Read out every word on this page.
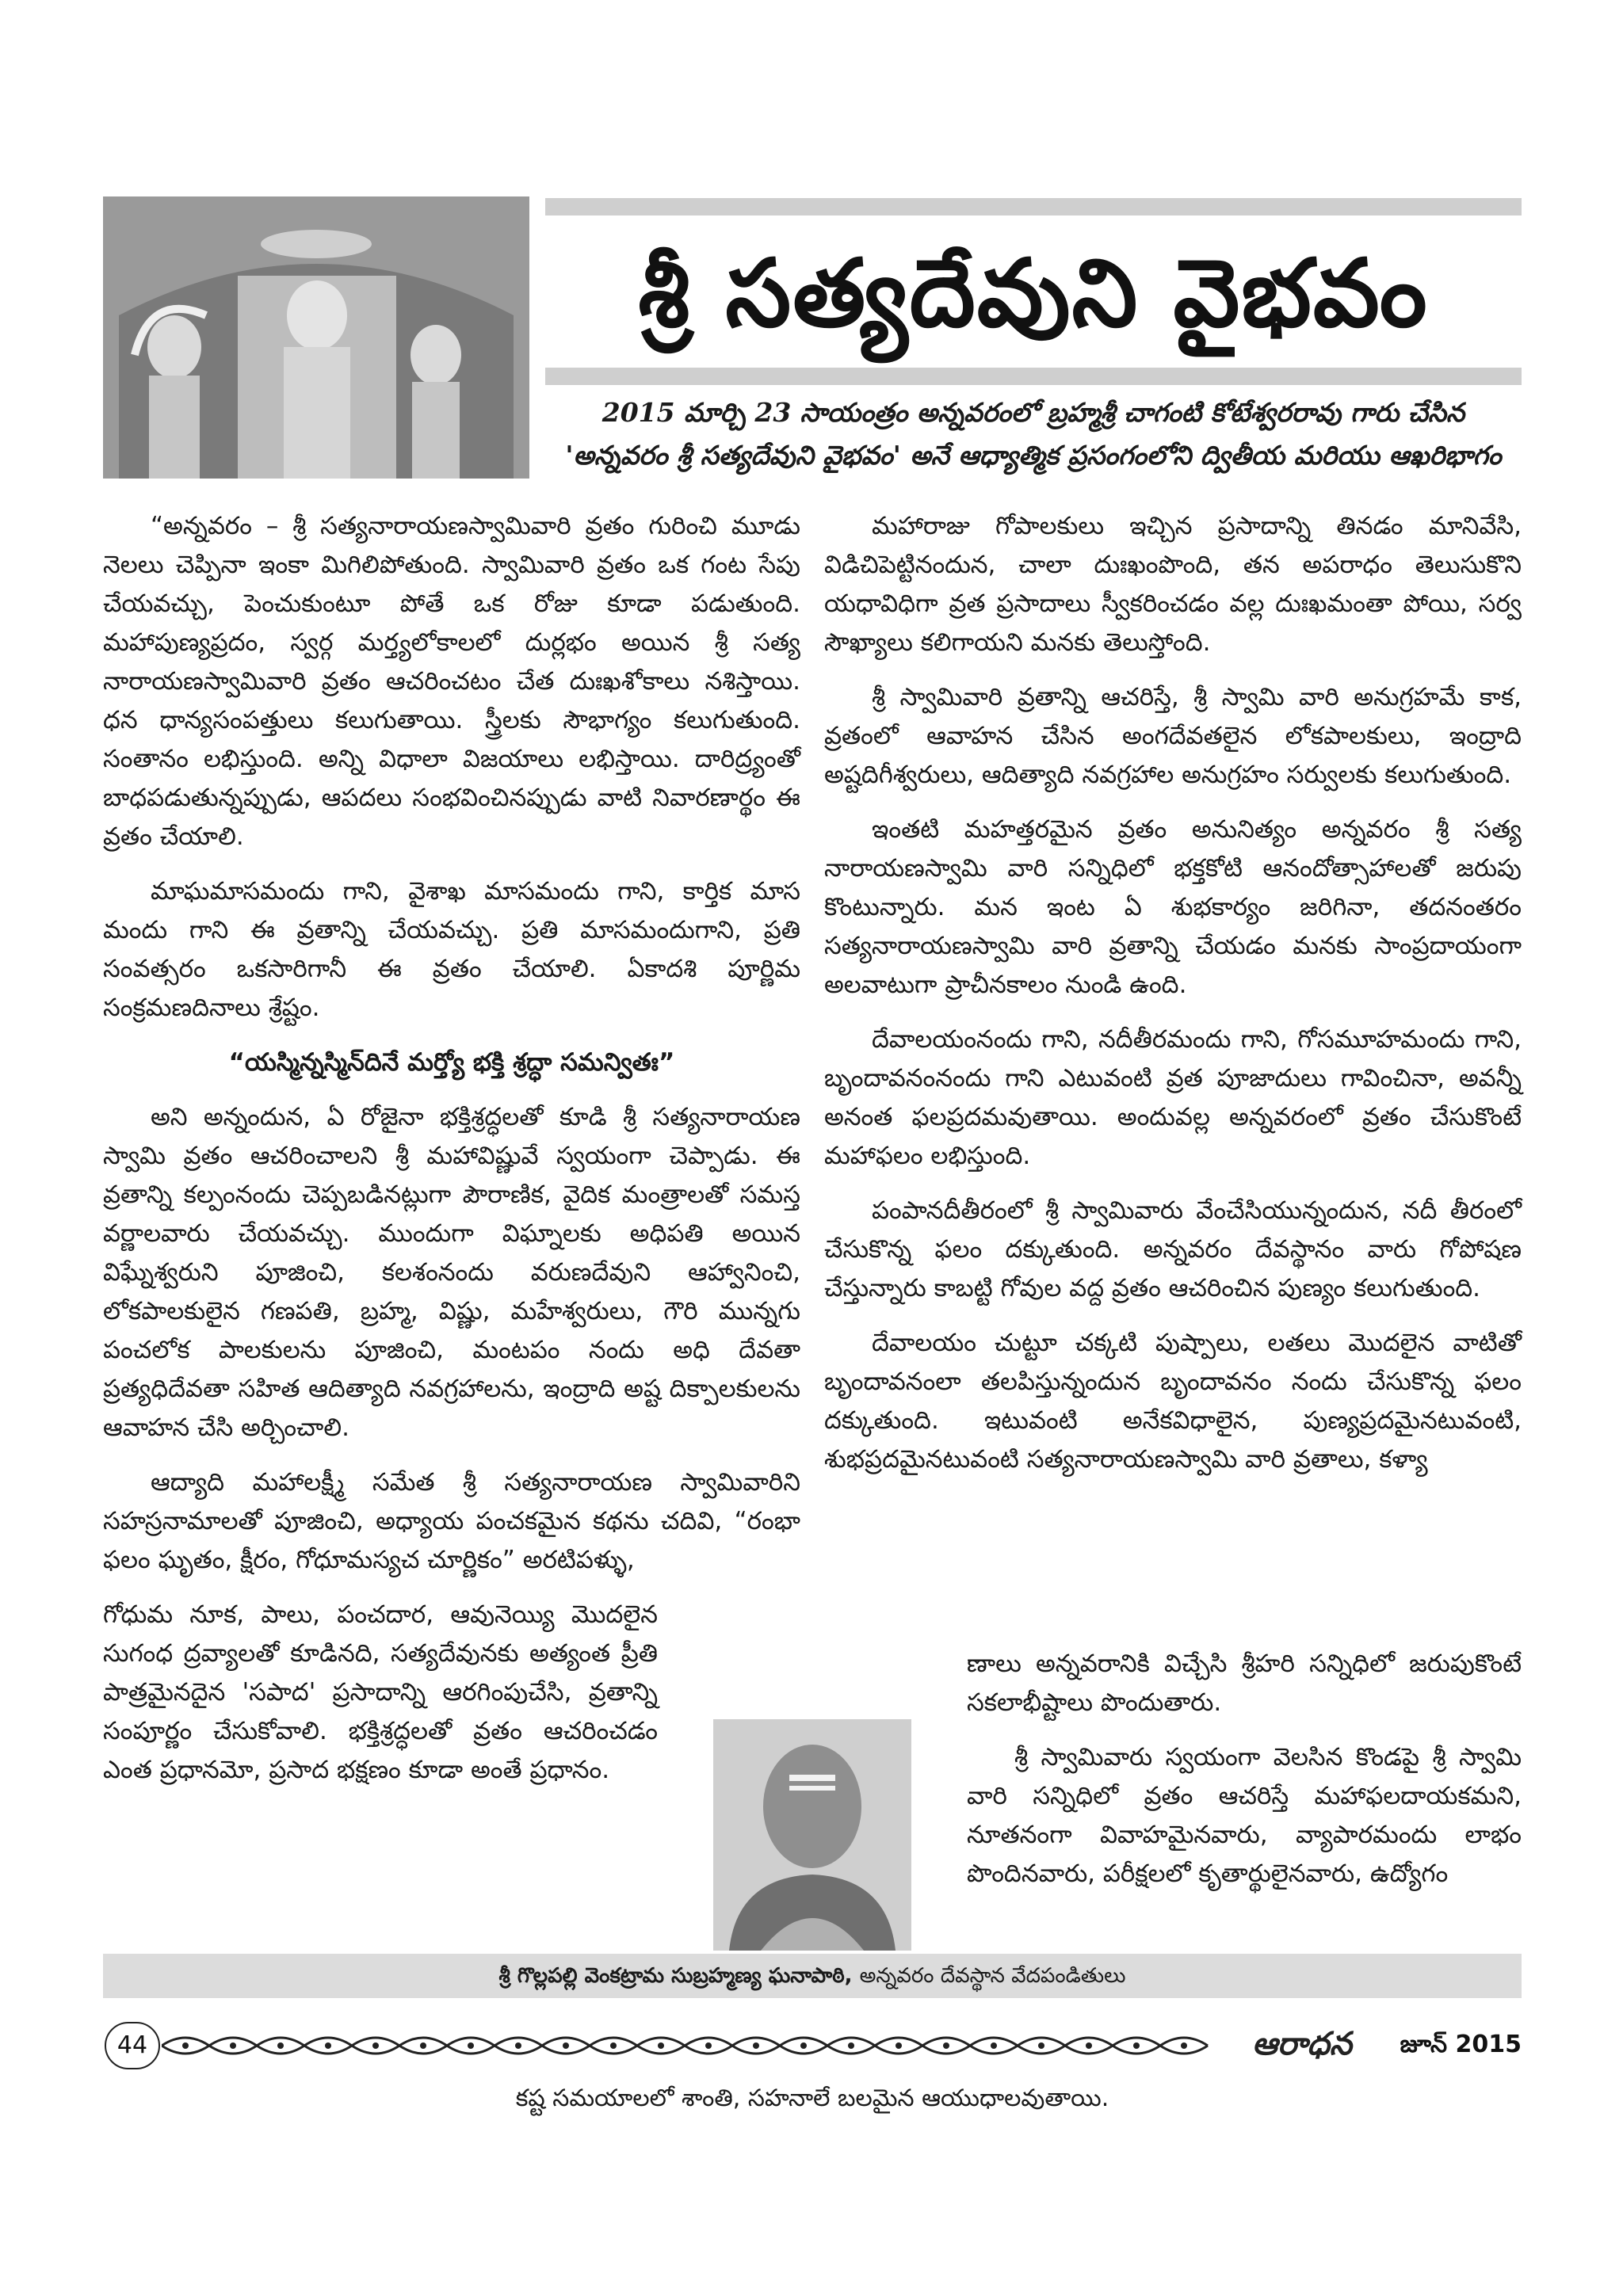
శ్రీ సత్యదేవుని వైభవం
2015 మార్చి 23 సాయంత్రం అన్నవరంలో బ్రహ్మశ్రీ చాగంటి కోటేశ్వరరావు గారు చేసిన
'అన్నవరం శ్రీ సత్యదేవుని వైభవం' అనే ఆధ్యాత్మిక ప్రసంగంలోని ద్వితీయ మరియు ఆఖరిభాగం

“అన్నవరం – శ్రీ సత్యనారాయణస్వామివారి వ్రతం గురించి మూడు నెలలు చెప్పినా ఇంకా మిగిలిపోతుంది. స్వామివారి వ్రతం ఒక గంట సేపు చేయవచ్చు, పెంచుకుంటూ పోతే ఒక రోజు కూడా పడుతుంది. మహాపుణ్యప్రదం, స్వర్గ మర్త్యలోకాలలో దుర్లభం అయిన శ్రీ సత్య నారాయణస్వామివారి వ్రతం ఆచరించటం చేత దుఃఖశోకాలు నశిస్తాయి. ధన ధాన్యసంపత్తులు కలుగుతాయి. స్త్రీలకు సౌభాగ్యం కలుగుతుంది. సంతానం లభిస్తుంది. అన్ని విధాలా విజయాలు లభిస్తాయి. దారిద్ర్యంతో బాధపడుతున్నప్పుడు, ఆపదలు సంభవించినప్పుడు వాటి నివారణార్థం ఈ వ్రతం చేయాలి.

మాఘమాసమందు గాని, వైశాఖ మాసమందు గాని, కార్తిక మాస మందు గాని ఈ వ్రతాన్ని చేయవచ్చు. ప్రతి మాసమందుగాని, ప్రతి సంవత్సరం ఒకసారిగానీ ఈ వ్రతం చేయాలి. ఏకాదశి పూర్ణిమ సంక్రమణదినాలు శ్రేష్టం.

“యస్మిన్నస్మిన్‌దినే మర్త్యో భక్తి శ్రద్ధా సమన్వితః”

అని అన్నందున, ఏ రోజైనా భక్తిశ్రద్ధలతో కూడి శ్రీ సత్యనారాయణ స్వామి వ్రతం ఆచరించాలని శ్రీ మహావిష్ణువే స్వయంగా చెప్పాడు. ఈ వ్రతాన్ని కల్పంనందు చెప్పబడినట్లుగా పౌరాణిక, వైదిక మంత్రాలతో సమస్త వర్ణాలవారు చేయవచ్చు. ముందుగా విఘ్నాలకు అధిపతి అయిన విఘ్నేశ్వరుని పూజించి, కలశంనందు వరుణదేవుని ఆహ్వానించి, లోకపాలకులైన గణపతి, బ్రహ్మ, విష్ణు, మహేశ్వరులు, గౌరి మున్నగు పంచలోక పాలకులను పూజించి, మంటపం నందు అధి దేవతా ప్రత్యధిదేవతా సహిత ఆదిత్యాది నవగ్రహాలను, ఇంద్రాది అష్ట దిక్పాలకులను ఆవాహన చేసి అర్చించాలి.

ఆద్యాది మహాలక్ష్మీ సమేత శ్రీ సత్యనారాయణ స్వామివారిని సహస్రనామాలతో పూజించి, అధ్యాయ పంచకమైన కథను చదివి, “రంభా ఫలం ఘృతం, క్షీరం, గోధూమస్యచ చూర్ణికం” అరటిపళ్ళు,

గోధుమ నూక, పాలు, పంచదార, ఆవునెయ్యి మొదలైన సుగంధ ద్రవ్యాలతో కూడినది, సత్యదేవునకు అత్యంత ప్రీతి పాత్రమైనదైన 'సపాద' ప్రసాదాన్ని ఆరగింపుచేసి, వ్రతాన్ని సంపూర్ణం చేసుకోవాలి. భక్తిశ్రద్ధలతో వ్రతం ఆచరించడం ఎంత ప్రధానమో, ప్రసాద భక్షణం కూడా అంతే ప్రధానం.

మహారాజు గోపాలకులు ఇచ్చిన ప్రసాదాన్ని తినడం మానివేసి, విడిచిపెట్టినందున, చాలా దుఃఖంపొంది, తన అపరాధం తెలుసుకొని యధావిధిగా వ్రత ప్రసాదాలు స్వీకరించడం వల్ల దుఃఖమంతా పోయి, సర్వ సౌఖ్యాలు కలిగాయని మనకు తెలుస్తోంది.

శ్రీ స్వామివారి వ్రతాన్ని ఆచరిస్తే, శ్రీ స్వామి వారి అనుగ్రహమే కాక, వ్రతంలో ఆవాహన చేసిన అంగదేవతలైన లోకపాలకులు, ఇంద్రాది అష్టదిగీశ్వరులు, ఆదిత్యాది నవగ్రహాల అనుగ్రహం సర్వులకు కలుగుతుంది.

ఇంతటి మహత్తరమైన వ్రతం అనునిత్యం అన్నవరం శ్రీ సత్య నారాయణస్వామి వారి సన్నిధిలో భక్తకోటి ఆనందోత్సాహాలతో జరుపు కొంటున్నారు. మన ఇంట ఏ శుభకార్యం జరిగినా, తదనంతరం సత్యనారాయణస్వామి వారి వ్రతాన్ని చేయడం మనకు సాంప్రదాయంగా అలవాటుగా ప్రాచీనకాలం నుండి ఉంది.

దేవాలయంనందు గాని, నదీతీరమందు గాని, గోసమూహమందు గాని, బృందావనంనందు గాని ఎటువంటి వ్రత పూజాదులు గావించినా, అవన్నీ అనంత ఫలప్రదమవుతాయి. అందువల్ల అన్నవరంలో వ్రతం చేసుకొంటే మహాఫలం లభిస్తుంది.

పంపానదీతీరంలో శ్రీ స్వామివారు వేంచేసియున్నందున, నదీ తీరంలో చేసుకొన్న ఫలం దక్కుతుంది. అన్నవరం దేవస్థానం వారు గోపోషణ చేస్తున్నారు కాబట్టి గోవుల వద్ద వ్రతం ఆచరించిన పుణ్యం కలుగుతుంది.

దేవాలయం చుట్టూ చక్కటి పుష్పాలు, లతలు మొదలైన వాటితో బృందావనంలా తలపిస్తున్నందున బృందావనం నందు చేసుకొన్న ఫలం దక్కుతుంది. ఇటువంటి అనేకవిధాలైన, పుణ్యప్రదమైనటువంటి, శుభప్రదమైనటువంటి సత్యనారాయణస్వామి వారి వ్రతాలు, కళ్యా

ణాలు అన్నవరానికి విచ్చేసి శ్రీహరి సన్నిధిలో జరుపుకొంటే సకలాభీష్టాలు పొందుతారు.

శ్రీ స్వామివారు స్వయంగా వెలసిన కొండపై శ్రీ స్వామి వారి సన్నిధిలో వ్రతం ఆచరిస్తే మహాఫలదాయకమని, నూతనంగా వివాహమైనవారు, వ్యాపారమందు లాభం పొందినవారు, పరీక్షలలో కృతార్థులైనవారు, ఉద్యోగం

శ్రీ గొల్లపల్లి వెంకట్రామ సుబ్రహ్మణ్య ఘనాపాఠి, అన్నవరం దేవస్థాన వేదపండితులు
44	ఆరాధన	జూన్ 2015
కష్ట సమయాలలో శాంతి, సహనాలే బలమైన ఆయుధాలవుతాయి.
